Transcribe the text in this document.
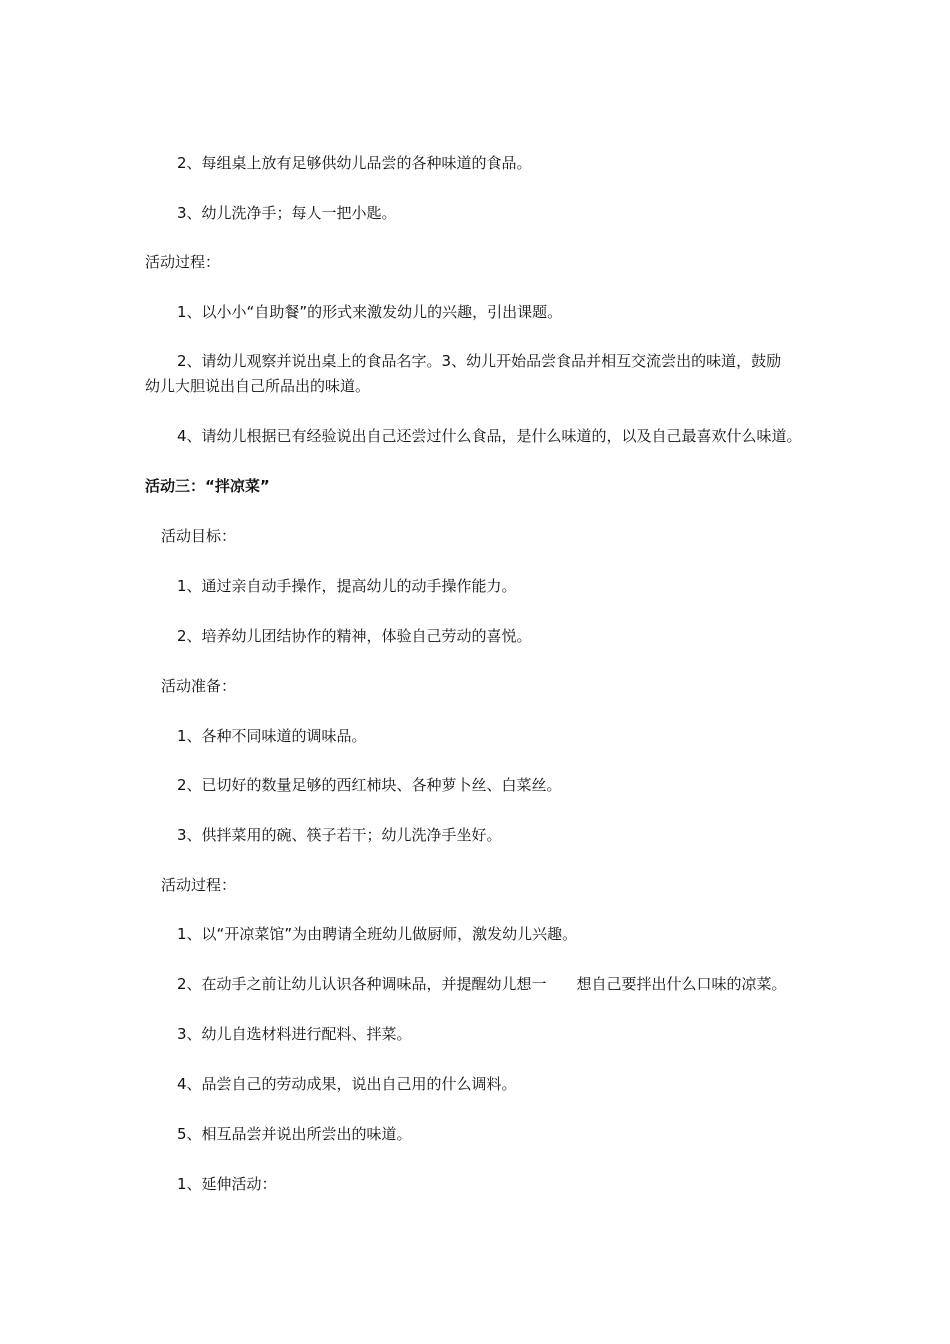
2、每组桌上放有足够供幼儿品尝的各种味道的食品。
3、幼儿洗净手；每人一把小匙。
活动过程：
1、以小小“自助餐”的形式来激发幼儿的兴趣，引出课题。
2、请幼儿观察并说出桌上的食品名字。3、幼儿开始品尝食品并相互交流尝出的味道，鼓励
幼儿大胆说出自己所品出的味道。
4、请幼儿根据已有经验说出自己还尝过什么食品，是什么味道的，以及自己最喜欢什么味道。
活动三：“拌凉菜”
活动目标：
1、通过亲自动手操作，提高幼儿的动手操作能力。
2、培养幼儿团结协作的精神，体验自己劳动的喜悦。
活动准备：
1、各种不同味道的调味品。
2、已切好的数量足够的西红柿块、各种萝卜丝、白菜丝。
3、供拌菜用的碗、筷子若干；幼儿洗净手坐好。
活动过程：
1、以“开凉菜馆”为由聘请全班幼儿做厨师，激发幼儿兴趣。
2、在动手之前让幼儿认识各种调味品，并提醒幼儿想一　　想自己要拌出什么口味的凉菜。
3、幼儿自选材料进行配料、拌菜。
4、品尝自己的劳动成果，说出自己用的什么调料。
5、相互品尝并说出所尝出的味道。
1、延伸活动：
